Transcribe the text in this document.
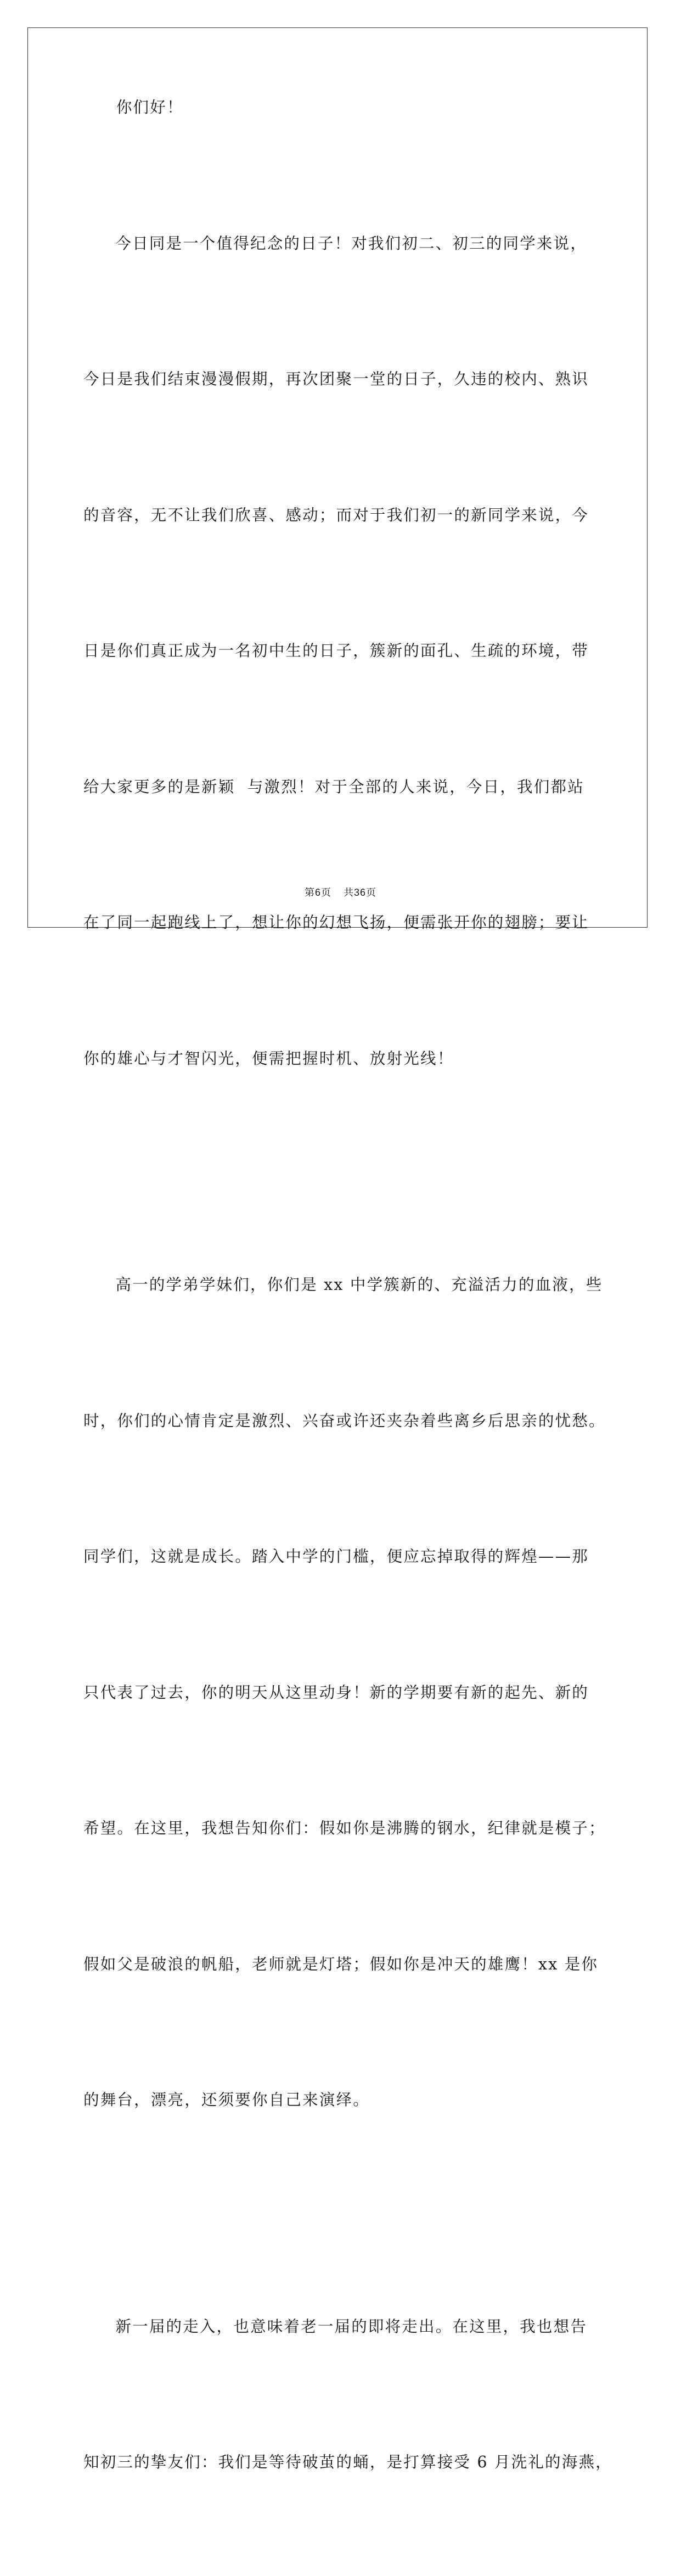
你们好！

今日同是一个值得纪念的日子！对我们初二、初三的同学来说，

今日是我们结束漫漫假期，再次团聚一堂的日子，久违的校内、熟识

的音容，无不让我们欣喜、感动；而对于我们初一的新同学来说，今

日是你们真正成为一名初中生的日子，簇新的面孔、生疏的环境，带

给大家更多的是新颖  与激烈！对于全部的人来说，今日，我们都站

在了同一起跑线上了，想让你的幻想飞扬，便需张开你的翅膀；要让

你的雄心与才智闪光，便需把握时机、放射光线！

高一的学弟学妹们，你们是 xx 中学簇新的、充溢活力的血液，些

时，你们的心情肯定是激烈、兴奋或许还夹杂着些离乡后思亲的忧愁。

同学们，这就是成长。踏入中学的门槛，便应忘掉取得的辉煌——那

只代表了过去，你的明天从这里动身！新的学期要有新的起先、新的

希望。在这里，我想告知你们：假如你是沸腾的钢水，纪律就是模子；

假如父是破浪的帆船，老师就是灯塔；假如你是冲天的雄鹰！xx 是你

的舞台，漂亮，还须要你自己来演绎。

新一届的走入，也意味着老一届的即将走出。在这里，我也想告

知初三的挚友们：我们是等待破茧的蛹，是打算接受 6 月洗礼的海燕，

第6页 共36页
